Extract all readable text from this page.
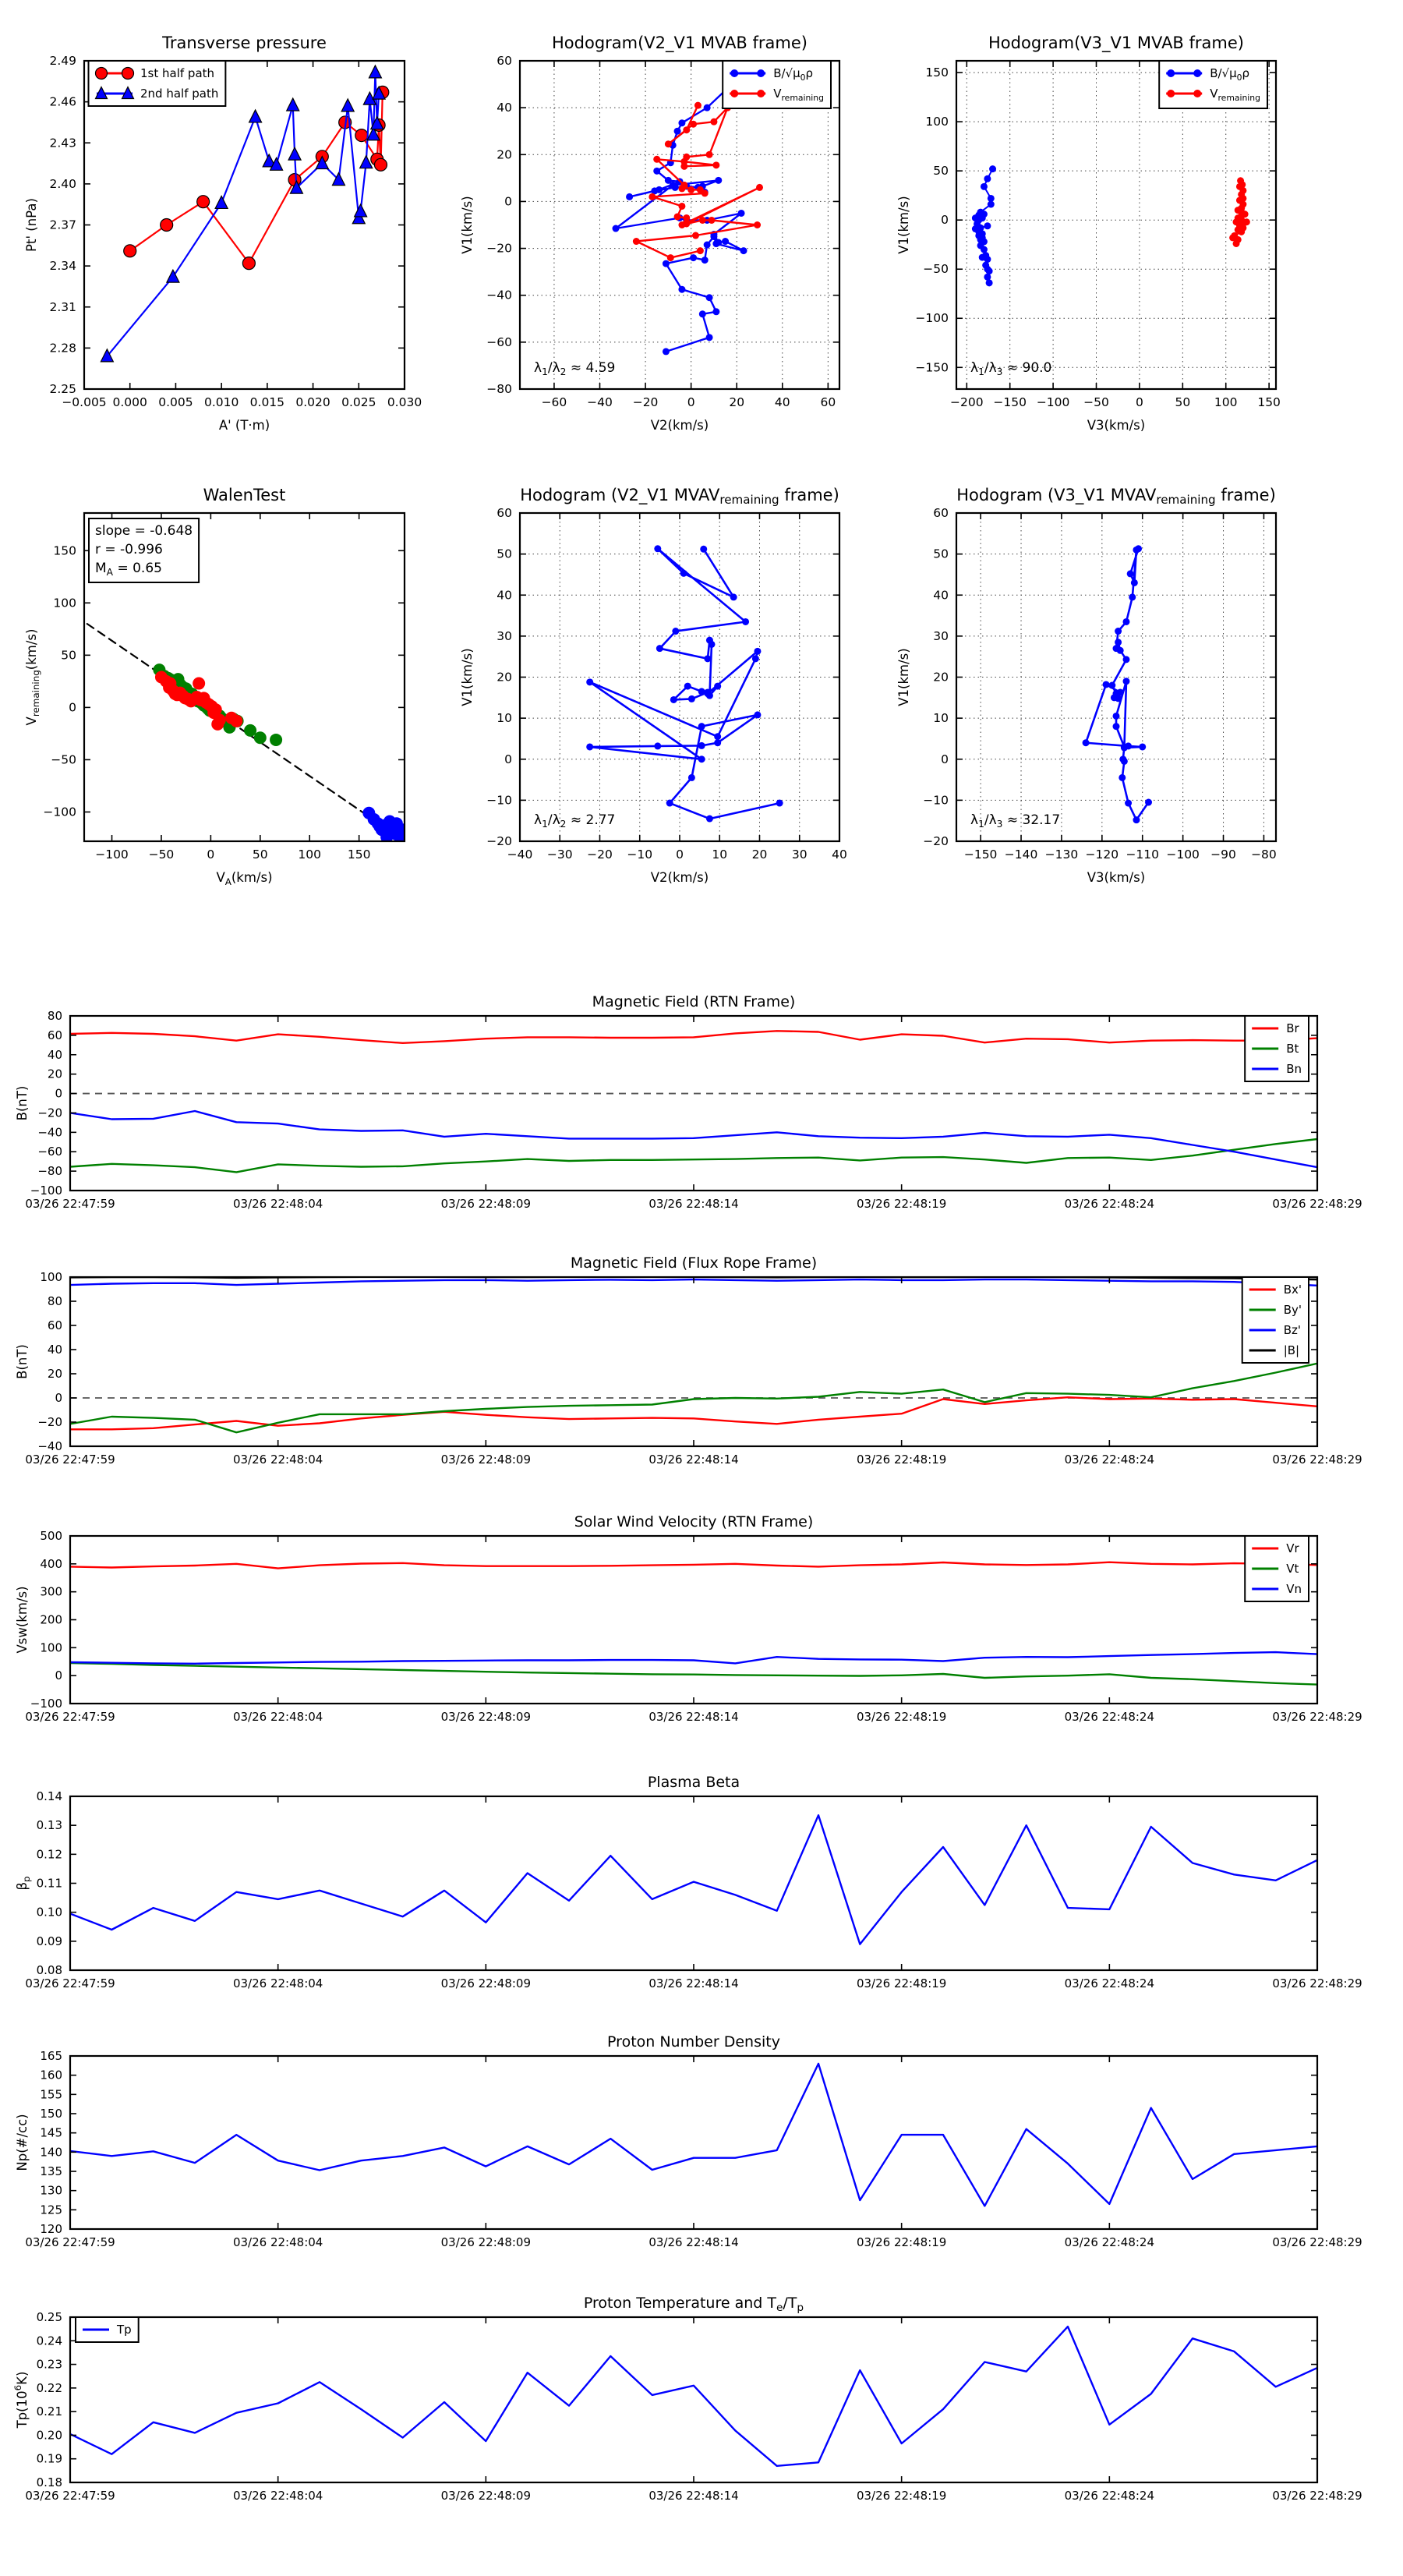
−0.005 0.000 0.005 0.010 0.015 0.020 0.025 0.030
2.25
2.28
2.31
2.34
2.37
2.40
2.43
2.46
2.49
Transverse pressure
A' (T·m)
Pt' (nPa)
1st half path
2nd half path
−60 −40 −20 0	20	40	60
−80
−60
−40
−20
0
20
40
60
Hodogram(V2_V1 MVAB frame)
V2(km/s)
V1(km/s)
$\lambda_1/\lambda_2 \approx 4.59$
$B/√\mu_0\rho$
$V_{remaining}$
−200 −150 −100 −50 0	50 100 150
−150
−100
−50
0
50
100
150
Hodogram(V3_V1 MVAB frame)
V3(km/s)
V1(km/s)
$\lambda_1/\lambda_3 \approx 90.0$
$B/√\mu_0\rho$
$V_{remaining}$
−100 −50	0	50	100 150
−100
−50
0
50
100
150
WalenTest
$V_A(km/s)$
$V_{remaining}(km/s)$
slope = -0.648
r = -0.996
$M_A = 0.65$
−40 −30 −20 −10 0 10 20 30 40
−20
−10
0
10
20
30
40
50
60
Hodogram (V2_V1 MVAVremaining frame)
V2(km/s)
V1(km/s)
$\lambda_1/\lambda_2 \approx 2.77$
−150 −140 −130 −120 −110 −100 −90 −80
−20
−10
0
10
20
30
40
50
60
Hodogram (V3_V1 MVAVremaining frame)
V3(km/s)
V1(km/s)
$\lambda_1/\lambda_3 \approx 32.17$
03/26 22:47:59	03/26 22:48:04	03/26 22:48:09	03/26 22:48:14	03/26 22:48:19	03/26 22:48:24	03/26 22:48:29
−100
−80
−60
−40
−20
0
20
40
60
80
Magnetic Field (RTN Frame)
B(nT)
Br
Bt
Bn
03/26 22:47:59	03/26 22:48:04	03/26 22:48:09	03/26 22:48:14	03/26 22:48:19	03/26 22:48:24	03/26 22:48:29
−40
−20
0
20
40
60
80
100
Magnetic Field (Flux Rope Frame)
B(nT)
Bx'
By'
Bz'
|B|
03/26 22:47:59	03/26 22:48:04	03/26 22:48:09	03/26 22:48:14	03/26 22:48:19	03/26 22:48:24	03/26 22:48:29
−100
0
100
200
300
400
500
Solar Wind Velocity (RTN Frame)
Vsw(km/s)
Vr
Vt
Vn
03/26 22:47:59	03/26 22:48:04	03/26 22:48:09	03/26 22:48:14	03/26 22:48:19	03/26 22:48:24	03/26 22:48:29
0.08
0.09
0.10
0.11
0.12
0.13
0.14
Plasma Beta
$\beta_p$
03/26 22:47:59	03/26 22:48:04	03/26 22:48:09	03/26 22:48:14	03/26 22:48:19	03/26 22:48:24	03/26 22:48:29
120
125
130
135
140
145
150
155
160
165
Proton Number Density
Np(#/cc)
03/26 22:47:59	03/26 22:48:04	03/26 22:48:09	03/26 22:48:14	03/26 22:48:19	03/26 22:48:24	03/26 22:48:29
0.18
0.19
0.20
0.21
0.22
0.23
0.24
0.25
Proton Temperature and $T_e/T_p$
$Tp(10^6K)$
Tp
